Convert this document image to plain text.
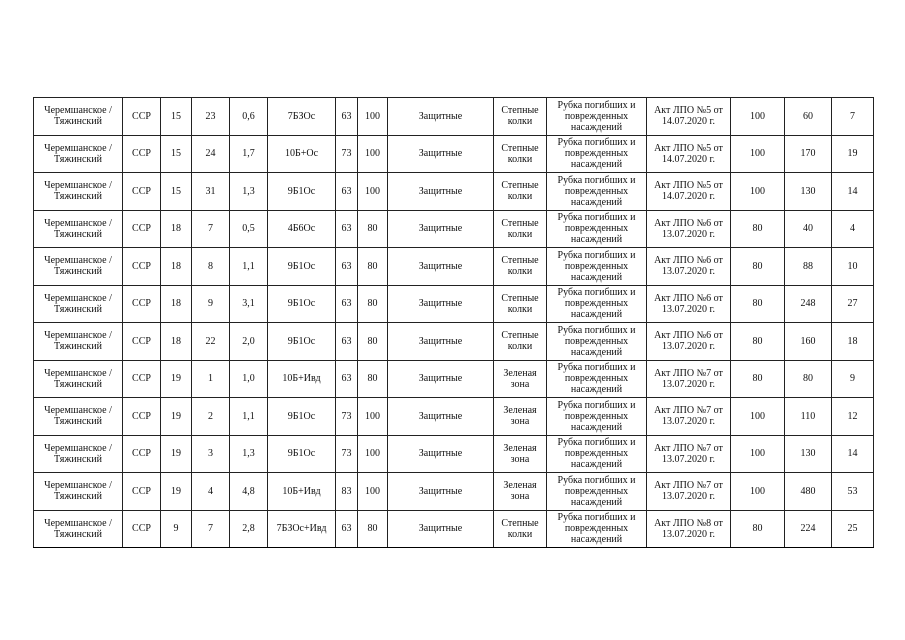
Черемшанское / Тяжинский	ССР	15	23	0,6	7БЗОс	63	100	Защитные	Степные колки	Рубка погибших и поврежденных насаждений	Акт ЛПО №5 от 14.07.2020 г.	100	60	7
Черемшанское / Тяжинский	ССР	15	24	1,7	10Б+Ос	73	100	Защитные	Степные колки	Рубка погибших и поврежденных насаждений	Акт ЛПО №5 от 14.07.2020 г.	100	170	19
Черемшанское / Тяжинский	ССР	15	31	1,3	9Б1Ос	63	100	Защитные	Степные колки	Рубка погибших и поврежденных насаждений	Акт ЛПО №5 от 14.07.2020 г.	100	130	14
Черемшанское / Тяжинский	ССР	18	7	0,5	4Б6Ос	63	80	Защитные	Степные колки	Рубка погибших и поврежденных насаждений	Акт ЛПО №6 от 13.07.2020 г.	80	40	4
Черемшанское / Тяжинский	ССР	18	8	1,1	9Б1Ос	63	80	Защитные	Степные колки	Рубка погибших и поврежденных насаждений	Акт ЛПО №6 от 13.07.2020 г.	80	88	10
Черемшанское / Тяжинский	ССР	18	9	3,1	9Б1Ос	63	80	Защитные	Степные колки	Рубка погибших и поврежденных насаждений	Акт ЛПО №6 от 13.07.2020 г.	80	248	27
Черемшанское / Тяжинский	ССР	18	22	2,0	9Б1Ос	63	80	Защитные	Степные колки	Рубка погибших и поврежденных насаждений	Акт ЛПО №6 от 13.07.2020 г.	80	160	18
Черемшанское / Тяжинский	ССР	19	1	1,0	10Б+Ивд	63	80	Защитные	Зеленая зона	Рубка погибших и поврежденных насаждений	Акт ЛПО №7 от 13.07.2020 г.	80	80	9
Черемшанское / Тяжинский	ССР	19	2	1,1	9Б1Ос	73	100	Защитные	Зеленая зона	Рубка погибших и поврежденных насаждений	Акт ЛПО №7 от 13.07.2020 г.	100	110	12
Черемшанское / Тяжинский	ССР	19	3	1,3	9Б1Ос	73	100	Защитные	Зеленая зона	Рубка погибших и поврежденных насаждений	Акт ЛПО №7 от 13.07.2020 г.	100	130	14
Черемшанское / Тяжинский	ССР	19	4	4,8	10Б+Ивд	83	100	Защитные	Зеленая зона	Рубка погибших и поврежденных насаждений	Акт ЛПО №7 от 13.07.2020 г.	100	480	53
Черемшанское / Тяжинский	ССР	9	7	2,8	7БЗОс+Ивд	63	80	Защитные	Степные колки	Рубка погибших и поврежденных насаждений	Акт ЛПО №8 от 13.07.2020 г.	80	224	25
